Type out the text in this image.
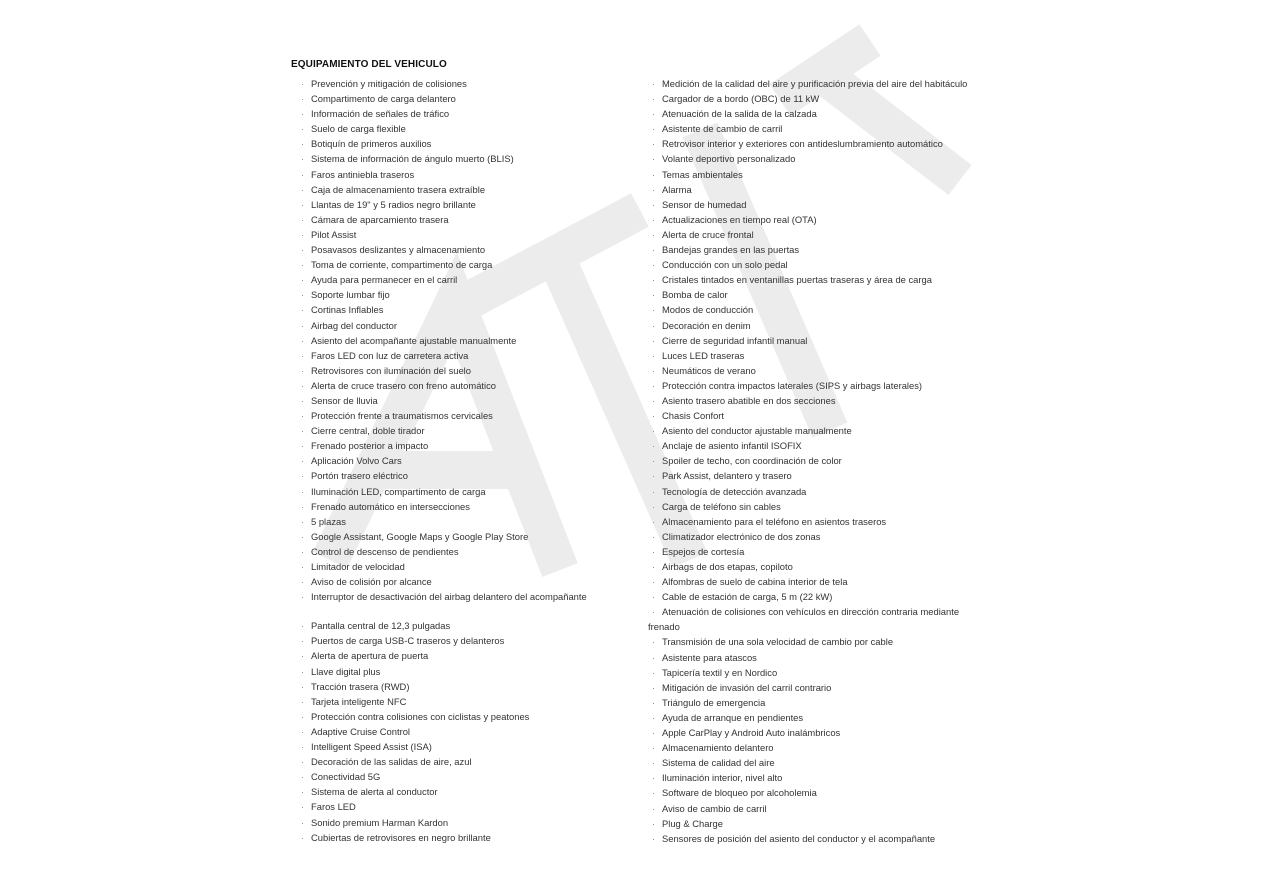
EQUIPAMIENTO DEL VEHICULO
· Prevención y mitigación de colisiones
· Compartimento de carga delantero
· Información de señales de tráfico
· Suelo de carga flexible
· Botiquín de primeros auxilios
· Sistema de información de ángulo muerto (BLIS)
· Faros antiniebla traseros
· Caja de almacenamiento trasera extraíble
· Llantas de 19" y 5 radios negro brillante
· Cámara de aparcamiento trasera
· Pilot Assist
· Posavasos deslizantes y almacenamiento
· Toma de corriente, compartimento de carga
· Ayuda para permanecer en el carril
· Soporte lumbar fijo
· Cortinas Inflables
· Airbag del conductor
· Asiento del acompañante ajustable manualmente
· Faros LED con luz de carretera activa
· Retrovisores con iluminación del suelo
· Alerta de cruce trasero con freno automático
· Sensor de lluvia
· Protección frente a traumatismos cervicales
· Cierre central, doble tirador
· Frenado posterior a impacto
· Aplicación Volvo Cars
· Portón trasero eléctrico
· Iluminación LED, compartimento de carga
· Frenado automático en intersecciones
· 5 plazas
· Google Assistant, Google Maps y Google Play Store
· Control de descenso de pendientes
· Limitador de velocidad
· Aviso de colisión por alcance
· Interruptor de desactivación del airbag delantero del acompañante
· Pantalla central de 12,3 pulgadas
· Puertos de carga USB-C traseros y delanteros
· Alerta de apertura de puerta
· Llave digital plus
· Tracción trasera (RWD)
· Tarjeta inteligente NFC
· Protección contra colisiones con ciclistas y peatones
· Adaptive Cruise Control
· Intelligent Speed Assist (ISA)
· Decoración de las salidas de aire, azul
· Conectividad 5G
· Sistema de alerta al conductor
· Faros LED
· Sonido premium Harman Kardon
· Cubiertas de retrovisores en negro brillante
· Medición de la calidad del aire y purificación previa del aire del habitáculo
· Cargador de a bordo (OBC) de 11 kW
· Atenuación de la salida de la calzada
· Asistente de cambio de carril
· Retrovisor interior y exteriores con antideslumbramiento automático
· Volante deportivo personalizado
· Temas ambientales
· Alarma
· Sensor de humedad
· Actualizaciones en tiempo real (OTA)
· Alerta de cruce frontal
· Bandejas grandes en las puertas
· Conducción con un solo pedal
· Cristales tintados en ventanillas puertas traseras y área de carga
· Bomba de calor
· Modos de conducción
· Decoración en denim
· Cierre de seguridad infantil manual
· Luces LED traseras
· Neumáticos de verano
· Protección contra impactos laterales (SIPS y airbags laterales)
· Asiento trasero abatible en dos secciones
· Chasis Confort
· Asiento del conductor ajustable manualmente
· Anclaje de asiento infantil ISOFIX
· Spoiler de techo, con coordinación de color
· Park Assist, delantero y trasero
· Tecnología de detección avanzada
· Carga de teléfono sin cables
· Almacenamiento para el teléfono en asientos traseros
· Climatizador electrónico de dos zonas
· Espejos de cortesía
· Airbags de dos etapas, copiloto
· Alfombras de suelo de cabina interior de tela
· Cable de estación de carga, 5 m (22 kW)
· Atenuación de colisiones con vehículos en dirección contraria mediante
frenado
· Transmisión de una sola velocidad de cambio por cable
· Asistente para atascos
· Tapicería textil y en Nordico
· Mitigación de invasión del carril contrario
· Triángulo de emergencia
· Ayuda de arranque en pendientes
· Apple CarPlay y Android Auto inalámbricos
· Almacenamiento delantero
· Sistema de calidad del aire
· Iluminación interior, nivel alto
· Software de bloqueo por alcoholemia
· Aviso de cambio de carril
· Plug & Charge
· Sensores de posición del asiento del conductor y el acompañante
